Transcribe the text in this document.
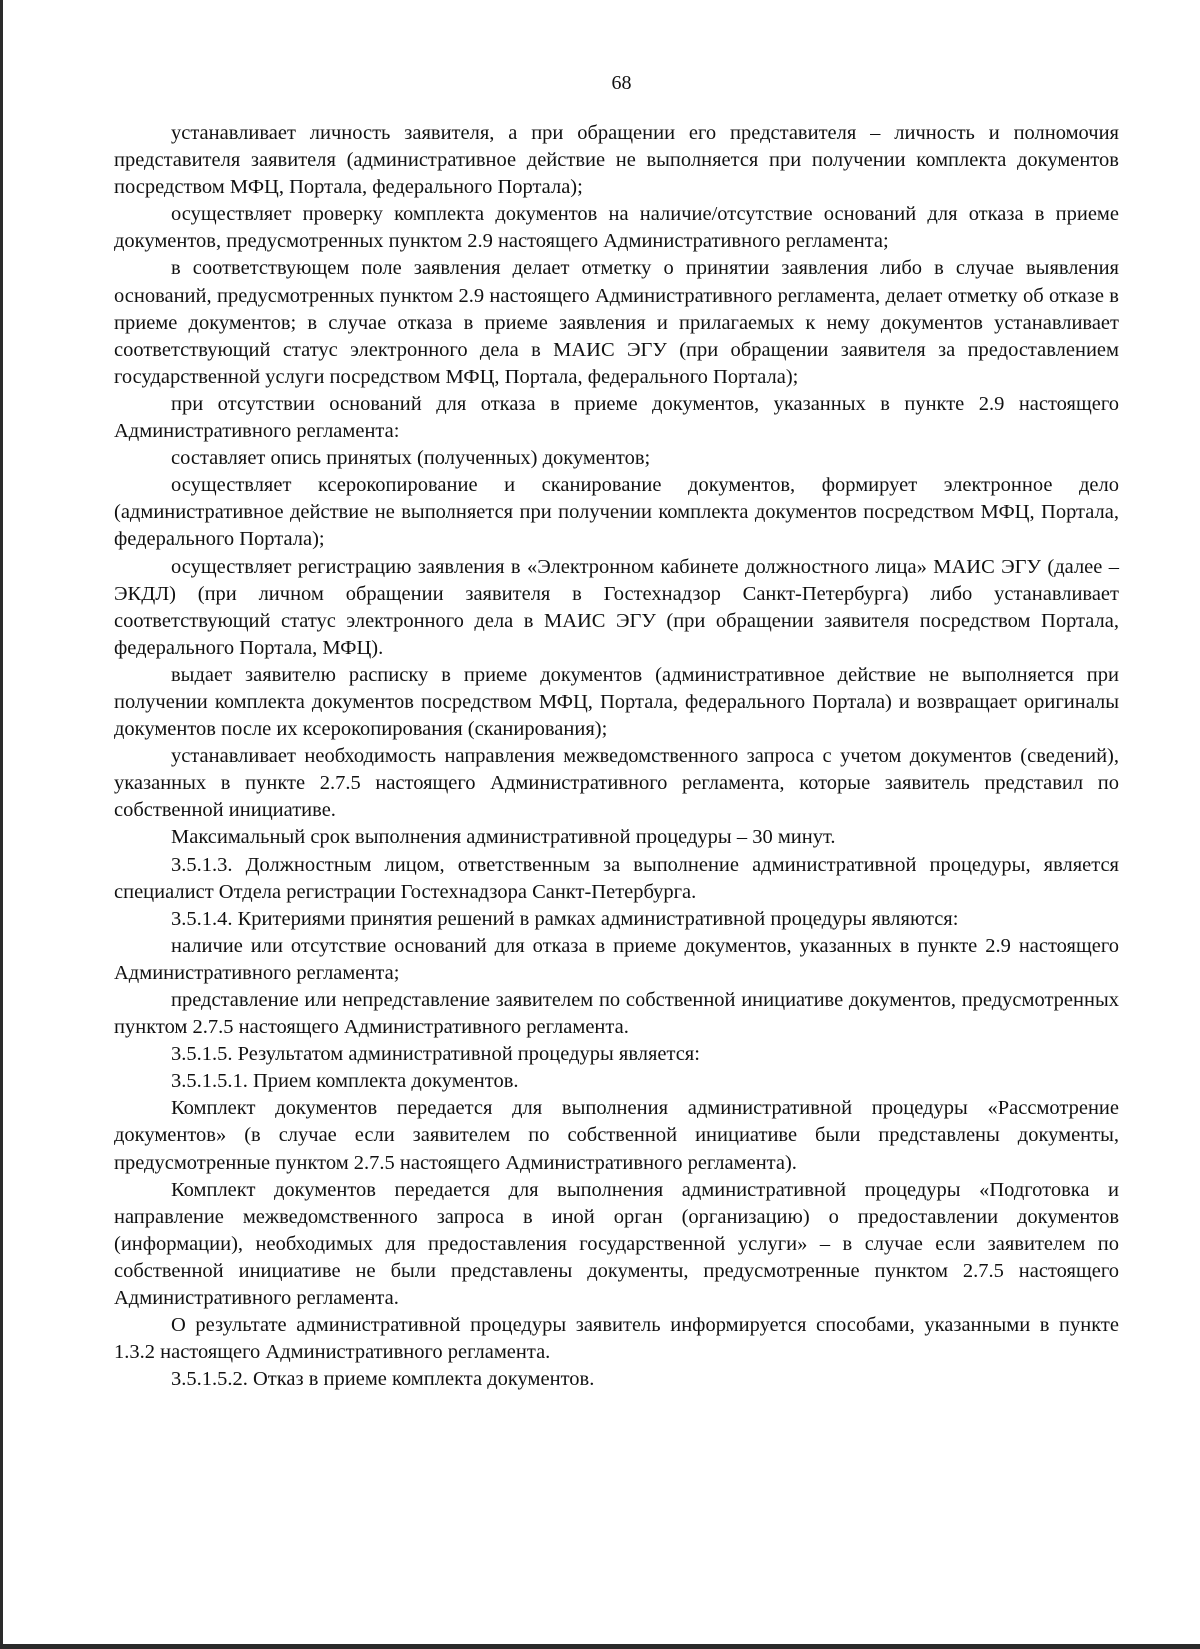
68

устанавливает личность заявителя, а при обращении его представителя – личность и полномочия представителя заявителя (административное действие не выполняется при получении комплекта документов посредством МФЦ, Портала, федерального Портала);

осуществляет проверку комплекта документов на наличие/отсутствие оснований для отказа в приеме документов, предусмотренных пунктом 2.9 настоящего Административного регламента;

в соответствующем поле заявления делает отметку о принятии заявления либо в случае выявления оснований, предусмотренных пунктом 2.9 настоящего Административного регламента, делает отметку об отказе в приеме документов; в случае отказа в приеме заявления и прилагаемых к нему документов устанавливает соответствующий статус электронного дела в МАИС ЭГУ (при обращении заявителя за предоставлением государственной услуги посредством МФЦ, Портала, федерального Портала);

при отсутствии оснований для отказа в приеме документов, указанных в пункте 2.9 настоящего Административного регламента:

составляет опись принятых (полученных) документов;

осуществляет ксерокопирование и сканирование документов, формирует электронное дело (административное действие не выполняется при получении комплекта документов посредством МФЦ, Портала, федерального Портала);

осуществляет регистрацию заявления в «Электронном кабинете должностного лица» МАИС ЭГУ (далее – ЭКДЛ) (при личном обращении заявителя в Гостехнадзор Санкт-Петербурга) либо устанавливает соответствующий статус электронного дела в МАИС ЭГУ (при обращении заявителя посредством Портала, федерального Портала, МФЦ).

выдает заявителю расписку в приеме документов (административное действие не выполняется при получении комплекта документов посредством МФЦ, Портала, федерального Портала) и возвращает оригиналы документов после их ксерокопирования (сканирования);

устанавливает необходимость направления межведомственного запроса с учетом документов (сведений), указанных в пункте 2.7.5 настоящего Административного регламента, которые заявитель представил по собственной инициативе.

Максимальный срок выполнения административной процедуры – 30 минут.

3.5.1.3. Должностным лицом, ответственным за выполнение административной процедуры, является специалист Отдела регистрации Гостехнадзора Санкт-Петербурга.

3.5.1.4. Критериями принятия решений в рамках административной процедуры являются:

наличие или отсутствие оснований для отказа в приеме документов, указанных в пункте 2.9 настоящего Административного регламента;

представление или непредставление заявителем по собственной инициативе документов, предусмотренных пунктом 2.7.5 настоящего Административного регламента.

3.5.1.5. Результатом административной процедуры является:

3.5.1.5.1. Прием комплекта документов.

Комплект документов передается для выполнения административной процедуры «Рассмотрение документов» (в случае если заявителем по собственной инициативе были представлены документы, предусмотренные пунктом 2.7.5 настоящего Административного регламента).

Комплект документов передается для выполнения административной процедуры «Подготовка и направление межведомственного запроса в иной орган (организацию) о предоставлении документов (информации), необходимых для предоставления государственной услуги» – в случае если заявителем по собственной инициативе не были представлены документы, предусмотренные пунктом 2.7.5 настоящего Административного регламента.

О результате административной процедуры заявитель информируется способами, указанными в пункте 1.3.2 настоящего Административного регламента.

3.5.1.5.2. Отказ в приеме комплекта документов.
